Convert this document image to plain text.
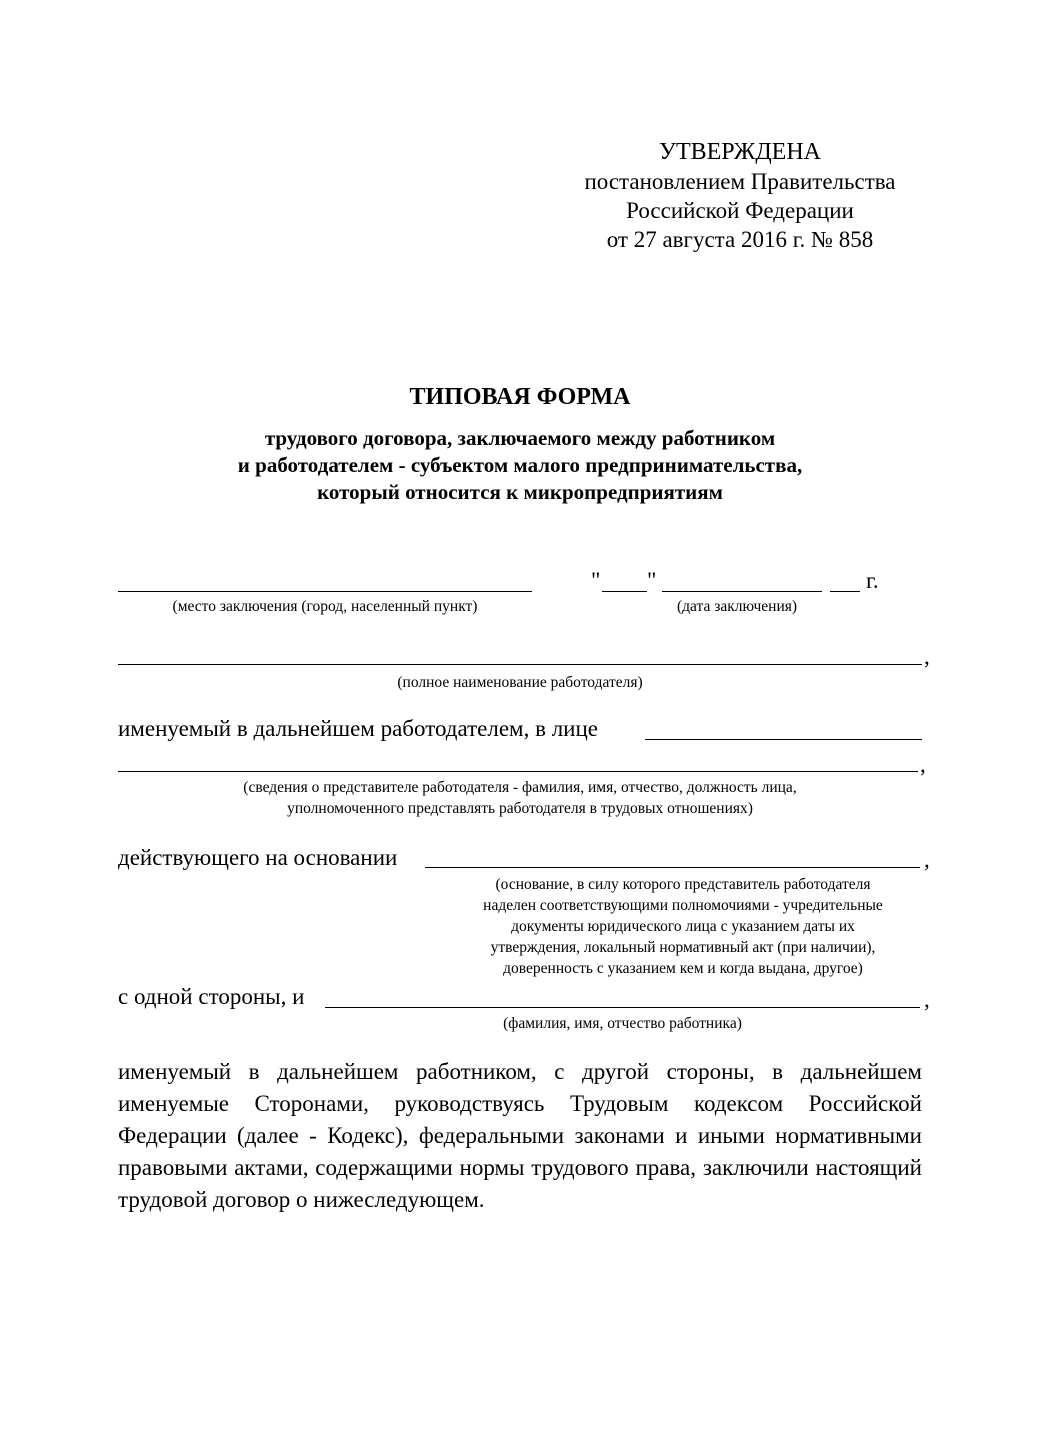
УТВЕРЖДЕНА
постановлением Правительства
Российской Федерации
от 27 августа 2016 г. № 858
ТИПОВАЯ ФОРМА
трудового договора, заключаемого между работником
и работодателем - субъектом малого предпринимательства,
который относится к микропредприятиям
(место заключения (город, населенный пункт)
" "	г.
(дата заключения)
,
(полное наименование работодателя)
именуемый в дальнейшем работодателем, в лице
,
(сведения о представителе работодателя - фамилия, имя, отчество, должность лица,
уполномоченного представлять работодателя в трудовых отношениях)
действующего на основании	,
(основание, в силу которого представитель работодателя
наделен соответствующими полномочиями - учредительные
документы юридического лица с указанием даты их
утверждения, локальный нормативный акт (при наличии),
доверенность с указанием кем и когда выдана, другое)
с одной стороны, и	,
(фамилия, имя, отчество работника)
именуемый в дальнейшем работником, с другой стороны, в дальнейшем именуемые Сторонами, руководствуясь Трудовым кодексом Российской Федерации (далее - Кодекс), федеральными законами и иными нормативными правовыми актами, содержащими нормы трудового права, заключили настоящий трудовой договор о нижеследующем.
